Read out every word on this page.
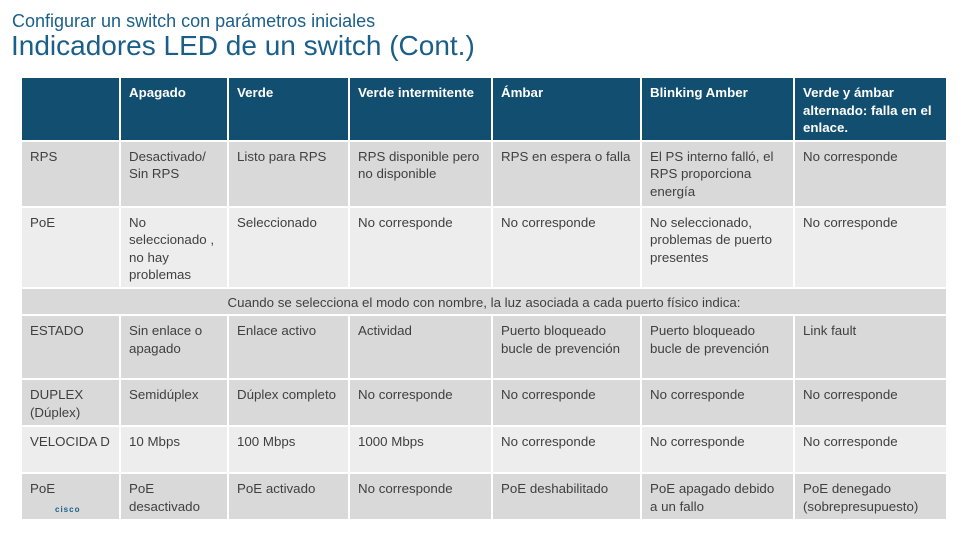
Configurar un switch con parámetros iniciales
Indicadores LED de un switch (Cont.)
	Apagado	Verde	Verde intermitente	Ámbar	Blinking Amber	Verde y ámbar alternado: falla en el enlace.
RPS	Desactivado/ Sin RPS	Listo para RPS	RPS disponible pero no disponible	RPS en espera o falla	El PS interno falló, el RPS proporciona energía	No corresponde
PoE	No seleccionado , no hay problemas	Seleccionado	No corresponde	No corresponde	No seleccionado, problemas de puerto presentes	No corresponde
Cuando se selecciona el modo con nombre, la luz asociada a cada puerto físico indica:						
ESTADO	Sin enlace o apagado	Enlace activo	Actividad	Puerto bloqueado bucle de prevención	Puerto bloqueado bucle de prevención	Link fault
DUPLEX (Dúplex)	Semidúplex	Dúplex completo	No corresponde	No corresponde	No corresponde	No corresponde
VELOCIDA D	10 Mbps	100 Mbps	1000 Mbps	No corresponde	No corresponde	No corresponde
PoE	PoE desactivado	PoE activado	No corresponde	PoE deshabilitado	PoE apagado debido a un fallo	PoE denegado (sobrepresupuesto)
cisco
